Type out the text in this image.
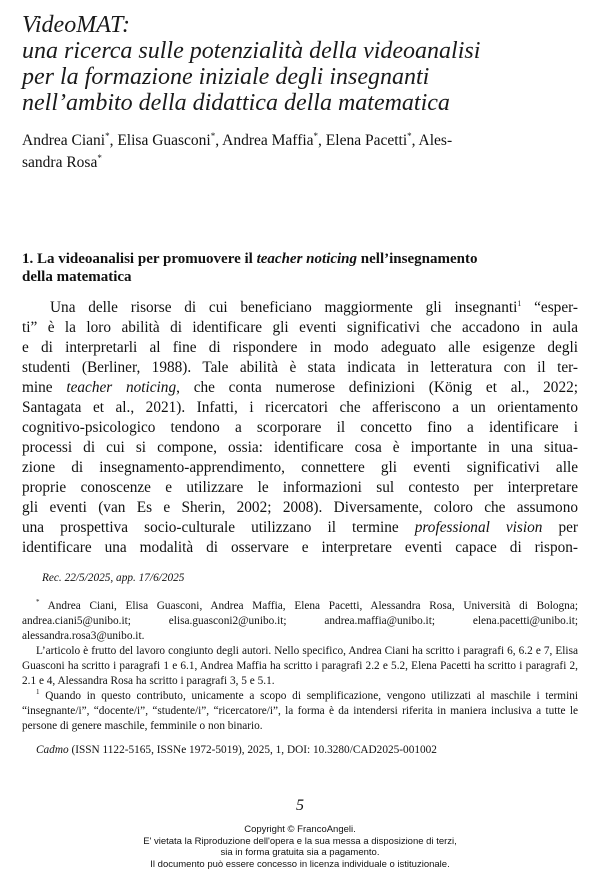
VideoMAT:
una ricerca sulle potenzialità della videoanalisi
per la formazione iniziale degli insegnanti
nell’ambito della didattica della matematica
Andrea Ciani*, Elisa Guasconi*, Andrea Maffia*, Elena Pacetti*, Ales-
sandra Rosa*
1. La videoanalisi per promuovere il teacher noticing nell’insegnamento
della matematica
Una delle risorse di cui beneficiano maggiormente gli insegnanti$^1$ “esper-
ti” è la loro abilità di identificare gli eventi significativi che accadono in aula
e di interpretarli al fine di rispondere in modo adeguato alle esigenze degli
studenti (Berliner, 1988). Tale abilità è stata indicata in letteratura con il ter-
mine teacher noticing, che conta numerose definizioni (König et al., 2022;
Santagata et al., 2021). Infatti, i ricercatori che afferiscono a un orientamento
cognitivo-psicologico tendono a scorporare il concetto fino a identificare i
processi di cui si compone, ossia: identificare cosa è importante in una situa-
zione di insegnamento-apprendimento, connettere gli eventi significativi alle
proprie conoscenze e utilizzare le informazioni sul contesto per interpretare
gli eventi (van Es e Sherin, 2002; 2008). Diversamente, coloro che assumono
una prospettiva socio-culturale utilizzano il termine professional vision per
identificare una modalità di osservare e interpretare eventi capace di rispon-
Rec. 22/5/2025, app. 17/6/2025

* Andrea Ciani, Elisa Guasconi, Andrea Maffia, Elena Pacetti, Alessandra Rosa, Università di Bologna; andrea.ciani5@unibo.it; elisa.guasconi2@unibo.it; andrea.maffia@unibo.it; elena.pacetti@unibo.it; alessandra.rosa3@unibo.it.

L’articolo è frutto del lavoro congiunto degli autori. Nello specifico, Andrea Ciani ha scritto i paragrafi 6, 6.2 e 7, Elisa Guasconi ha scritto i paragrafi 1 e 6.1, Andrea Maffia ha scritto i paragrafi 2.2 e 5.2, Elena Pacetti ha scritto i paragrafi 2, 2.1 e 4, Alessandra Rosa ha scritto i paragrafi 3, 5 e 5.1.

$^1$ Quando in questo contributo, unicamente a scopo di semplificazione, vengono utilizzati al maschile i termini “insegnante/i”, “docente/i”, “studente/i”, “ricercatore/i”, la forma è da intendersi riferita in maniera inclusiva a tutte le persone di genere maschile, femminile o non binario.

Cadmo (ISSN 1122-5165, ISSNe 1972-5019), 2025, 1, DOI: 10.3280/CAD2025-001002
5
Copyright © FrancoAngeli.
E' vietata la Riproduzione dell'opera e la sua messa a disposizione di terzi,
sia in forma gratuita sia a pagamento.
Il documento può essere concesso in licenza individuale o istituzionale.
